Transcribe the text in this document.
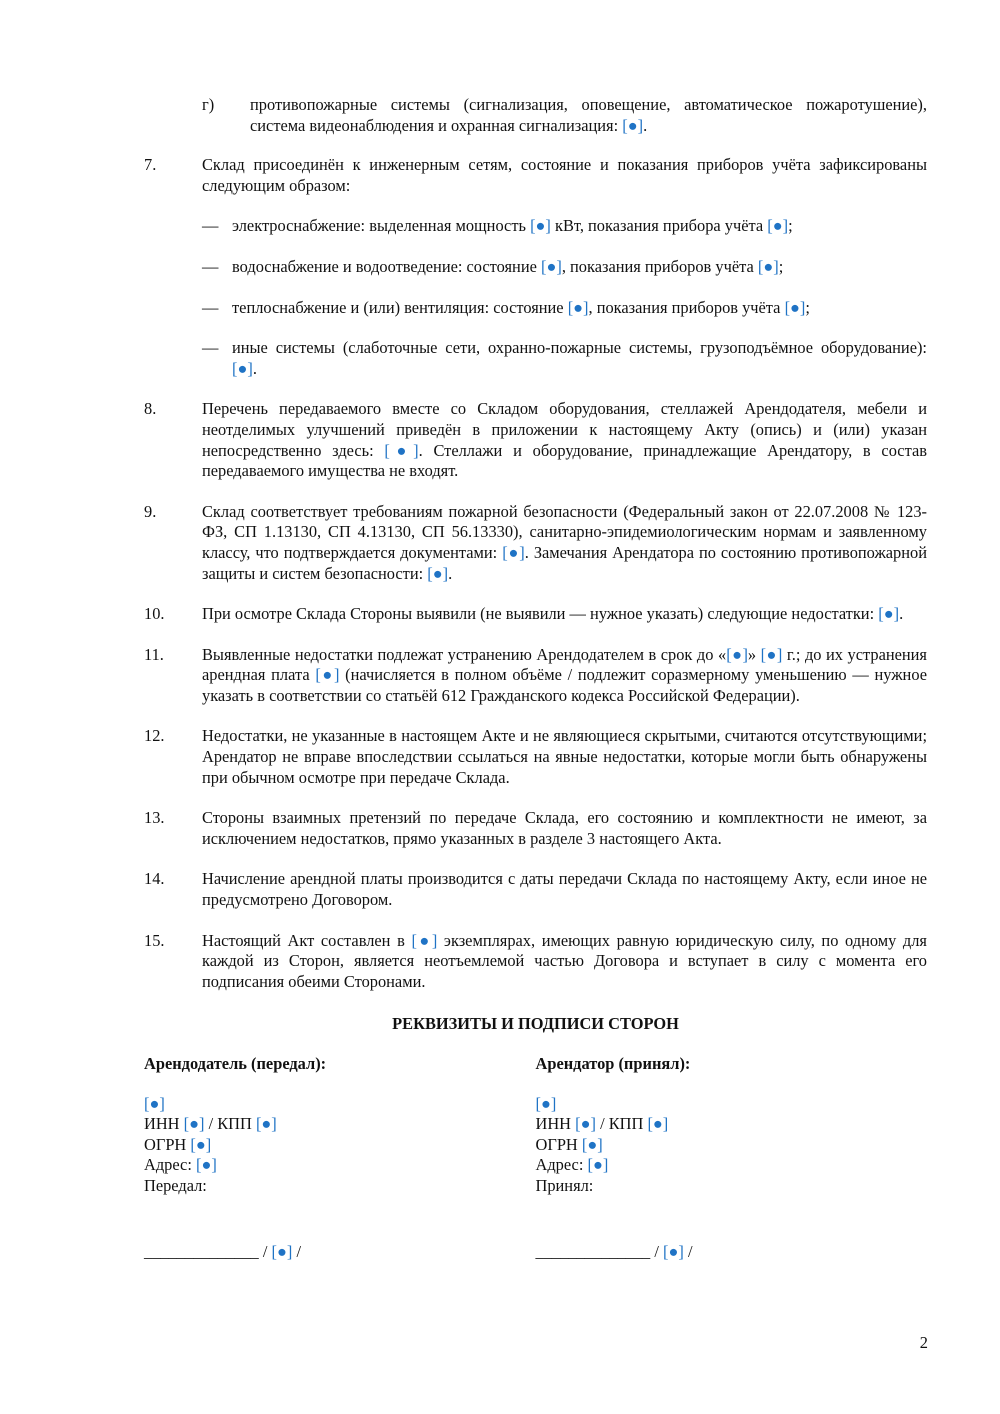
г)	противопожарные системы (сигнализация, оповещение, автоматическое пожаротушение), система видеонаблюдения и охранная сигнализация: [●].
7.	Склад присоединён к инженерным сетям, состояние и показания приборов учёта зафиксированы следующим образом:
— электроснабжение: выделенная мощность [●] кВт, показания прибора учёта [●];
— водоснабжение и водоотведение: состояние [●], показания приборов учёта [●];
— теплоснабжение и (или) вентиляция: состояние [●], показания приборов учёта [●];
— иные системы (слаботочные сети, охранно-пожарные системы, грузоподъёмное оборудование): [●].
8.	Перечень передаваемого вместе со Складом оборудования, стеллажей Арендодателя, мебели и неотделимых улучшений приведён в приложении к настоящему Акту (опись) и (или) указан непосредственно здесь: [●]. Стеллажи и оборудование, принадлежащие Арендатору, в состав передаваемого имущества не входят.
9.	Склад соответствует требованиям пожарной безопасности (Федеральный закон от 22.07.2008 № 123-ФЗ, СП 1.13130, СП 4.13130, СП 56.13330), санитарно-эпидемиологическим нормам и заявленному классу, что подтверждается документами: [●]. Замечания Арендатора по состоянию противопожарной защиты и систем безопасности: [●].
10.	При осмотре Склада Стороны выявили (не выявили — нужное указать) следующие недостатки: [●].
11.	Выявленные недостатки подлежат устранению Арендодателем в срок до «[●]» [●] г.; до их устранения арендная плата [●] (начисляется в полном объёме / подлежит соразмерному уменьшению — нужное указать в соответствии со статьёй 612 Гражданского кодекса Российской Федерации).
12.	Недостатки, не указанные в настоящем Акте и не являющиеся скрытыми, считаются отсутствующими; Арендатор не вправе впоследствии ссылаться на явные недостатки, которые могли быть обнаружены при обычном осмотре при передаче Склада.
13.	Стороны взаимных претензий по передаче Склада, его состоянию и комплектности не имеют, за исключением недостатков, прямо указанных в разделе 3 настоящего Акта.
14.	Начисление арендной платы производится с даты передачи Склада по настоящему Акту, если иное не предусмотрено Договором.
15.	Настоящий Акт составлен в [●] экземплярах, имеющих равную юридическую силу, по одному для каждой из Сторон, является неотъемлемой частью Договора и вступает в силу с момента его подписания обеими Сторонами.
РЕКВИЗИТЫ И ПОДПИСИ СТОРОН
Арендодатель (передал):
[●]
ИНН [●] / КПП [●]
ОГРН [●]
Адрес: [●]
Передал:
______________ / [●] /
Арендатор (принял):
[●]
ИНН [●] / КПП [●]
ОГРН [●]
Адрес: [●]
Принял:
______________ / [●] /
2
